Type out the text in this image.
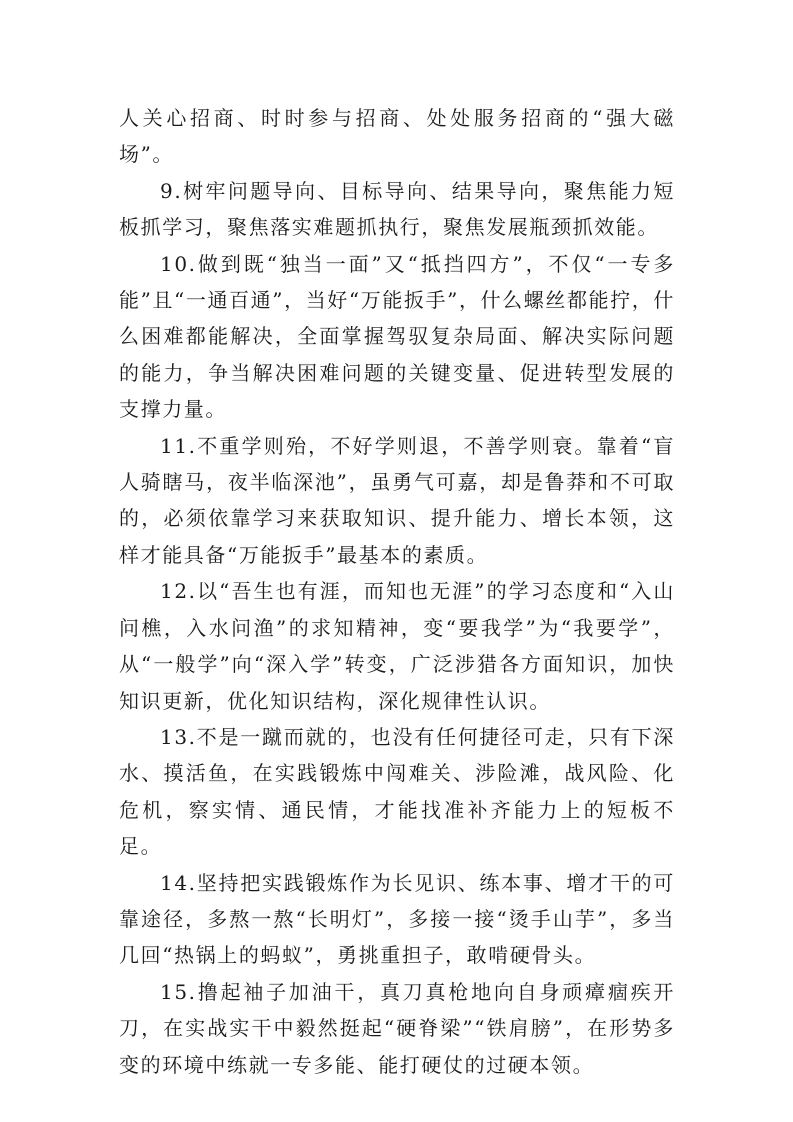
人关心招商、时时参与招商、处处服务招商的“强大磁场”。

9.树牢问题导向、目标导向、结果导向，聚焦能力短板抓学习，聚焦落实难题抓执行，聚焦发展瓶颈抓效能。

10.做到既“独当一面”又“抵挡四方”，不仅“一专多能”且“一通百通”，当好“万能扳手”，什么螺丝都能拧，什么困难都能解决，全面掌握驾驭复杂局面、解决实际问题的能力，争当解决困难问题的关键变量、促进转型发展的支撑力量。

11.不重学则殆，不好学则退，不善学则衰。靠着“盲人骑瞎马，夜半临深池”，虽勇气可嘉，却是鲁莽和不可取的，必须依靠学习来获取知识、提升能力、增长本领，这样才能具备“万能扳手”最基本的素质。

12.以“吾生也有涯，而知也无涯”的学习态度和“入山问樵，入水问渔”的求知精神，变“要我学”为“我要学”，从“一般学”向“深入学”转变，广泛涉猎各方面知识，加快知识更新，优化知识结构，深化规律性认识。

13.不是一蹴而就的，也没有任何捷径可走，只有下深水、摸活鱼，在实践锻炼中闯难关、涉险滩，战风险、化危机，察实情、通民情，才能找准补齐能力上的短板不足。

14.坚持把实践锻炼作为长见识、练本事、增才干的可靠途径，多熬一熬“长明灯”，多接一接“烫手山芋”，多当几回“热锅上的蚂蚁”，勇挑重担子，敢啃硬骨头。

15.撸起袖子加油干，真刀真枪地向自身顽瘴痼疾开刀，在实战实干中毅然挺起“硬脊梁”“铁肩膀”，在形势多变的环境中练就一专多能、能打硬仗的过硬本领。
